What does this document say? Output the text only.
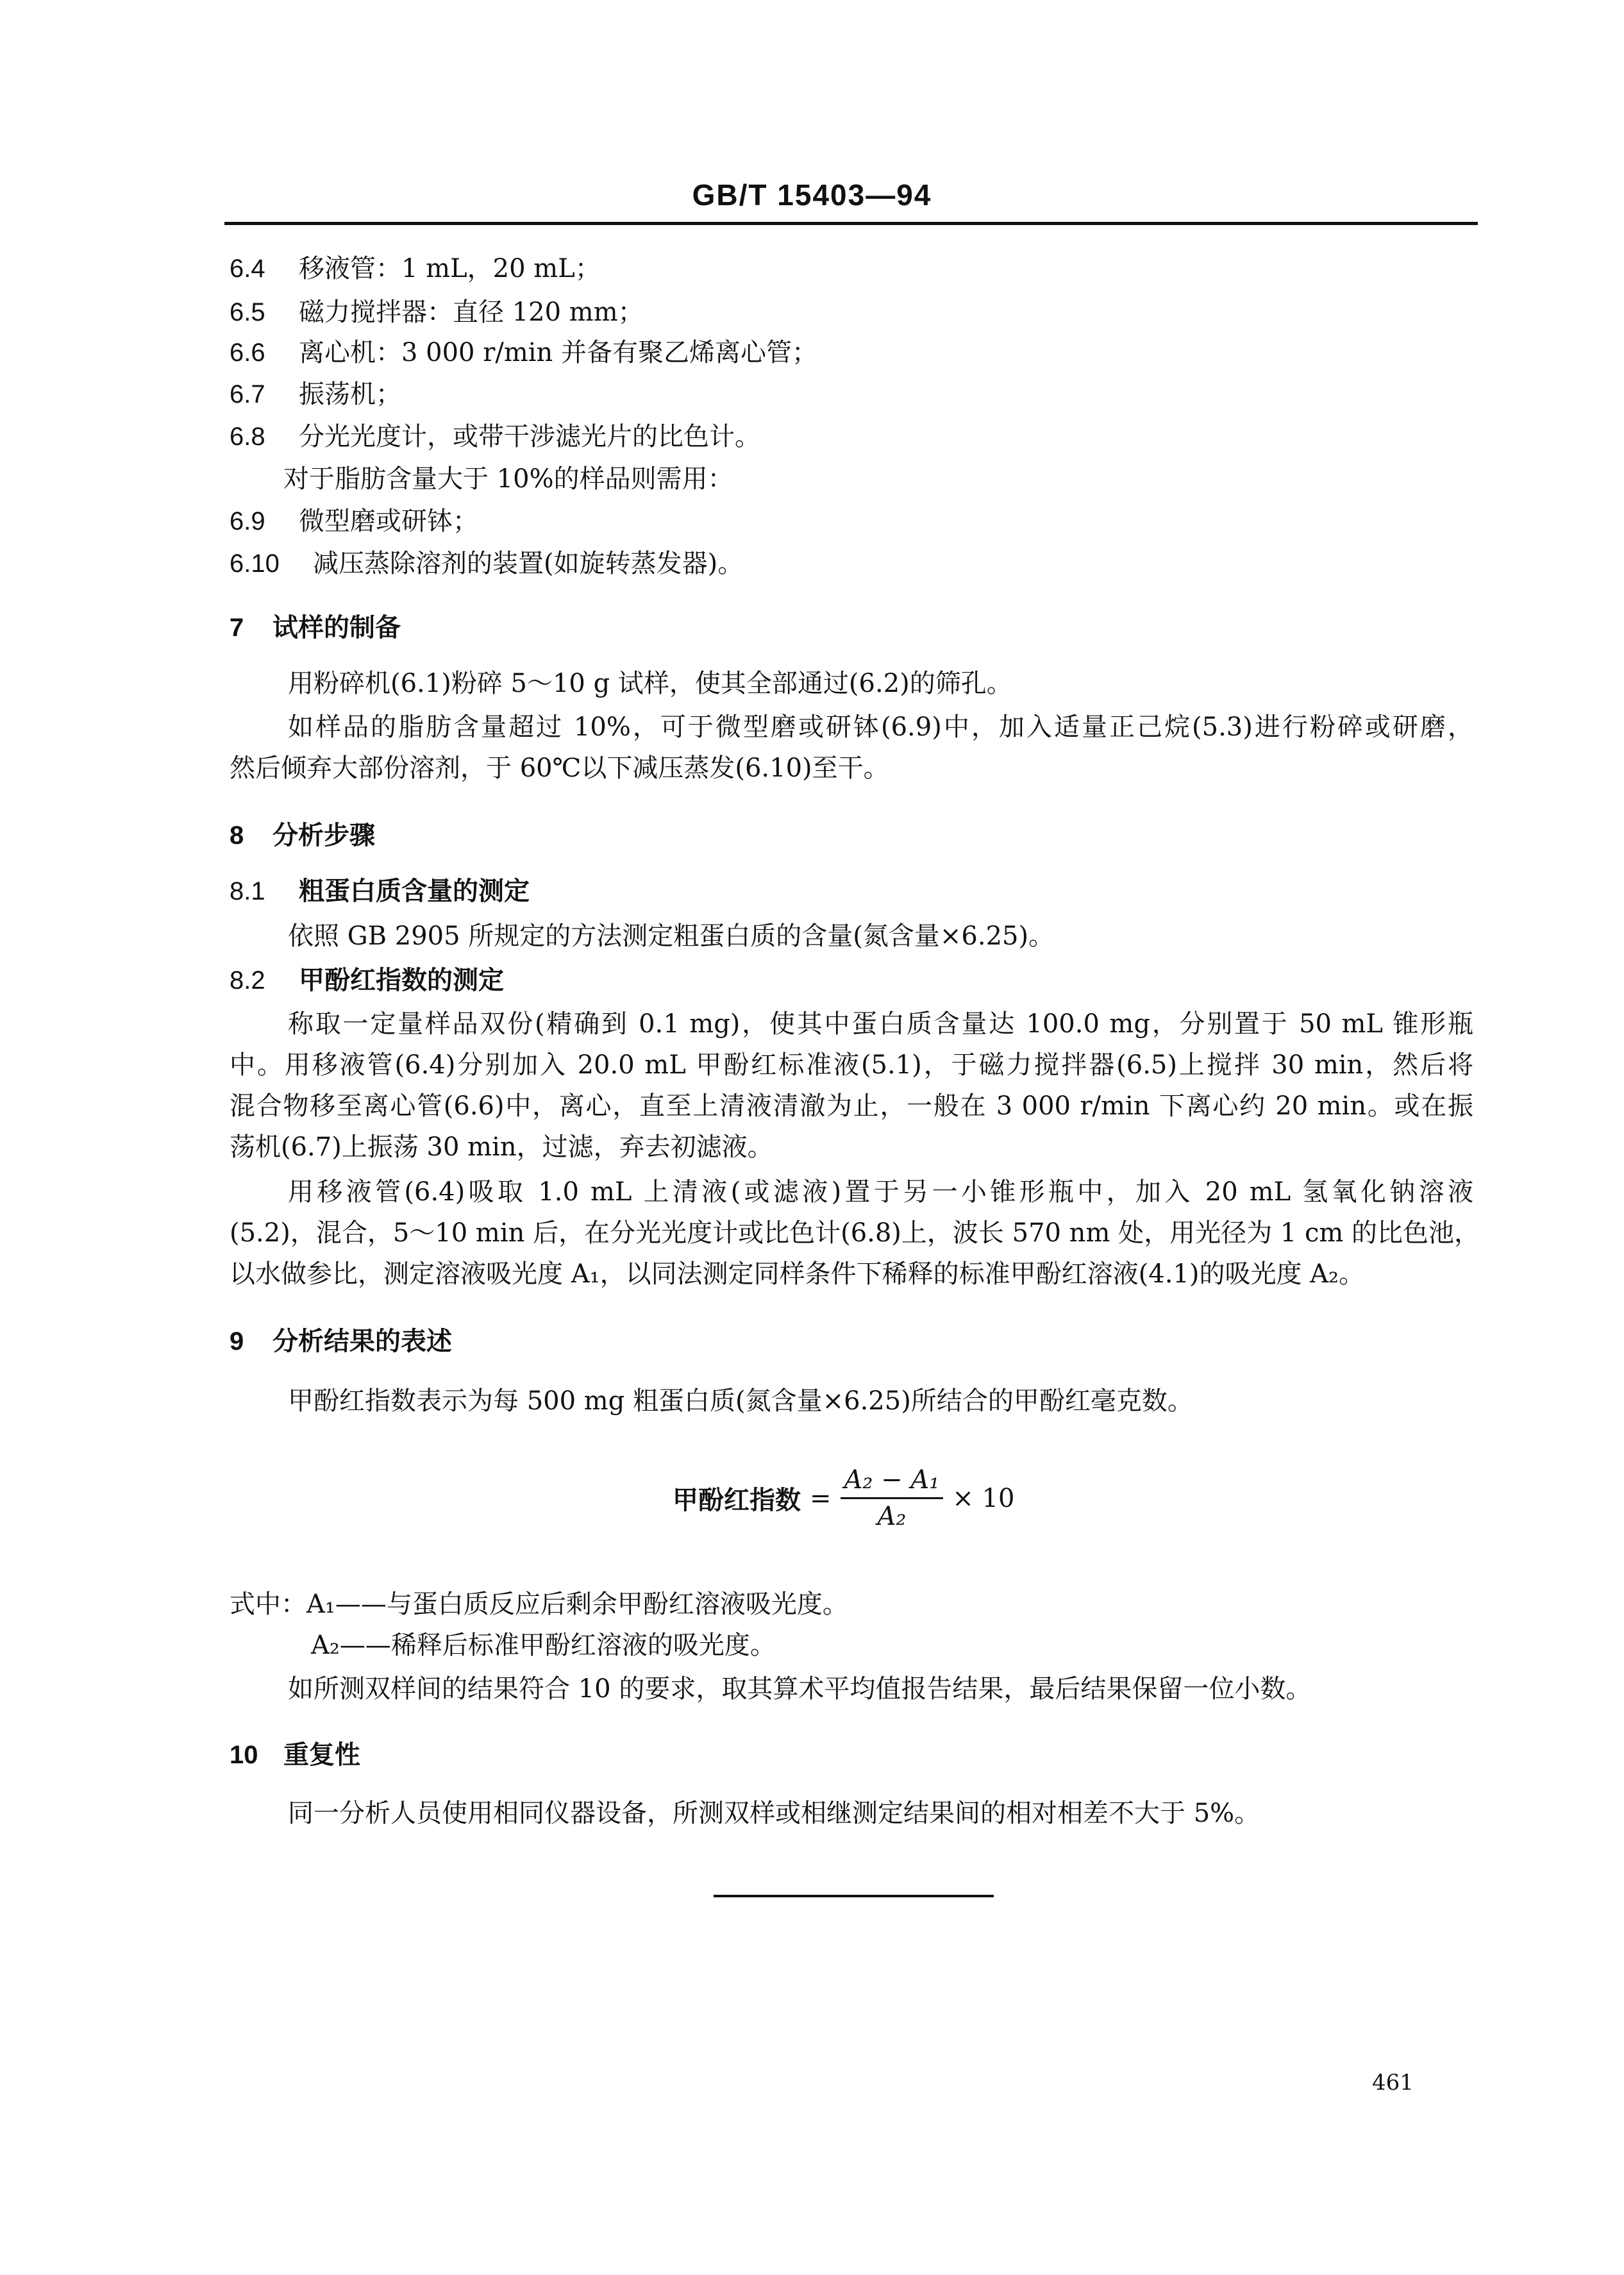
GB/T 15403—94
6.4 移液管：1 mL，20 mL；
6.5 磁力搅拌器：直径 120 mm；
6.6 离心机：3 000 r/min 并备有聚乙烯离心管；
6.7 振荡机；
6.8 分光光度计，或带干涉滤光片的比色计。
对于脂肪含量大于 10%的样品则需用：
6.9 微型磨或研钵；
6.10 减压蒸除溶剂的装置(如旋转蒸发器)。
7 试样的制备
用粉碎机(6.1)粉碎 5～10 g 试样，使其全部通过(6.2)的筛孔。
如样品的脂肪含量超过 10%，可于微型磨或研钵(6.9)中，加入适量正己烷(5.3)进行粉碎或研磨，
然后倾弃大部份溶剂，于 60℃以下减压蒸发(6.10)至干。
8 分析步骤
8.1 粗蛋白质含量的测定
依照 GB 2905 所规定的方法测定粗蛋白质的含量(氮含量×6.25)。
8.2 甲酚红指数的测定
称取一定量样品双份(精确到 0.1 mg)，使其中蛋白质含量达 100.0 mg，分别置于 50 mL 锥形瓶
中。用移液管(6.4)分别加入 20.0 mL 甲酚红标准液(5.1)，于磁力搅拌器(6.5)上搅拌 30 min，然后将
混合物移至离心管(6.6)中，离心，直至上清液清澈为止，一般在 3 000 r/min 下离心约 20 min。或在振
荡机(6.7)上振荡 30 min，过滤，弃去初滤液。
用移液管(6.4)吸取 1.0 mL 上清液(或滤液)置于另一小锥形瓶中，加入 20 mL 氢氧化钠溶液
(5.2)，混合，5～10 min 后，在分光光度计或比色计(6.8)上，波长 570 nm 处，用光径为 1 cm 的比色池，
以水做参比，测定溶液吸光度 A₁，以同法测定同样条件下稀释的标准甲酚红溶液(4.1)的吸光度 A₂。
9 分析结果的表述
甲酚红指数表示为每 500 mg 粗蛋白质(氮含量×6.25)所结合的甲酚红毫克数。
甲酚红指数 = $\frac{\text{A₂ − A₁}}{\text{A₂}} \times 10$
式中：A₁——与蛋白质反应后剩余甲酚红溶液吸光度。
A₂——稀释后标准甲酚红溶液的吸光度。
如所测双样间的结果符合 10 的要求，取其算术平均值报告结果，最后结果保留一位小数。
10 重复性
同一分析人员使用相同仪器设备，所测双样或相继测定结果间的相对相差不大于 5%。
461
